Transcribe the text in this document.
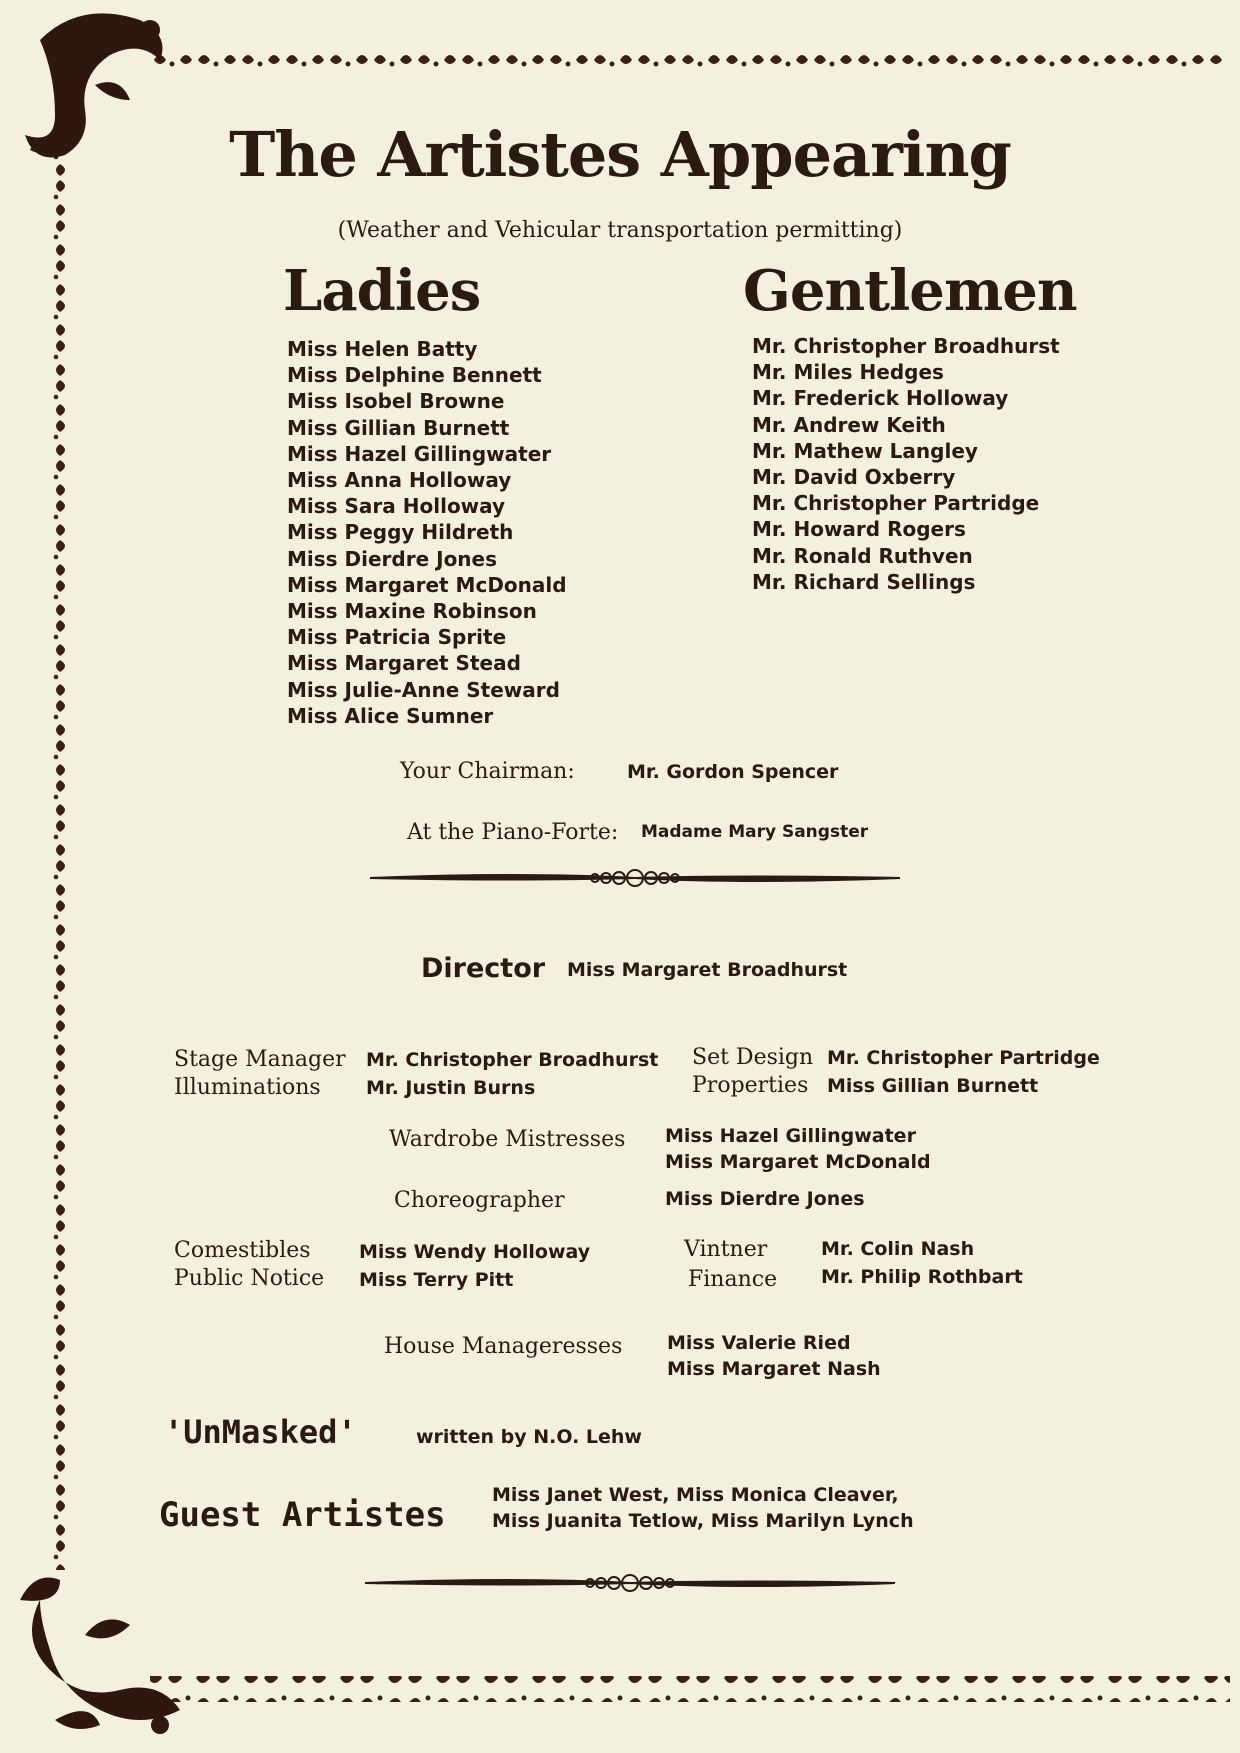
The Artistes Appearing
(Weather and Vehicular transportation permitting)
Ladies
Miss Helen Batty
Miss Delphine Bennett
Miss Isobel Browne
Miss Gillian Burnett
Miss Hazel Gillingwater
Miss Anna Holloway
Miss Sara Holloway
Miss Peggy Hildreth
Miss Dierdre Jones
Miss Margaret McDonald
Miss Maxine Robinson
Miss Patricia Sprite
Miss Margaret Stead
Miss Julie-Anne Steward
Miss Alice Sumner
Gentlemen
Mr. Christopher Broadhurst
Mr. Miles Hedges
Mr. Frederick Holloway
Mr. Andrew Keith
Mr. Mathew Langley
Mr. David Oxberry
Mr. Christopher Partridge
Mr. Howard Rogers
Mr. Ronald Ruthven
Mr. Richard Sellings
Your Chairman:	Mr. Gordon Spencer
At the Piano-Forte: Madame Mary Sangster
Director Miss Margaret Broadhurst
Stage Manager Mr. Christopher Broadhurst
Illuminations Mr. Justin Burns
Set Design Mr. Christopher Partridge
Properties Miss Gillian Burnett
Wardrobe Mistresses Miss Hazel Gillingwater
Miss Margaret McDonald
Choreographer	Miss Dierdre Jones
Comestibles	Miss Wendy Holloway
Public Notice Miss Terry Pitt
Vintner	Mr. Colin Nash
Finance Mr. Philip Rothbart
House Manageresses Miss Valerie Ried
Miss Margaret Nash
'UnMasked'	written by N.O. Lehw
Guest Artistes Miss Janet West, Miss Monica Cleaver,
Miss Juanita Tetlow, Miss Marilyn Lynch
